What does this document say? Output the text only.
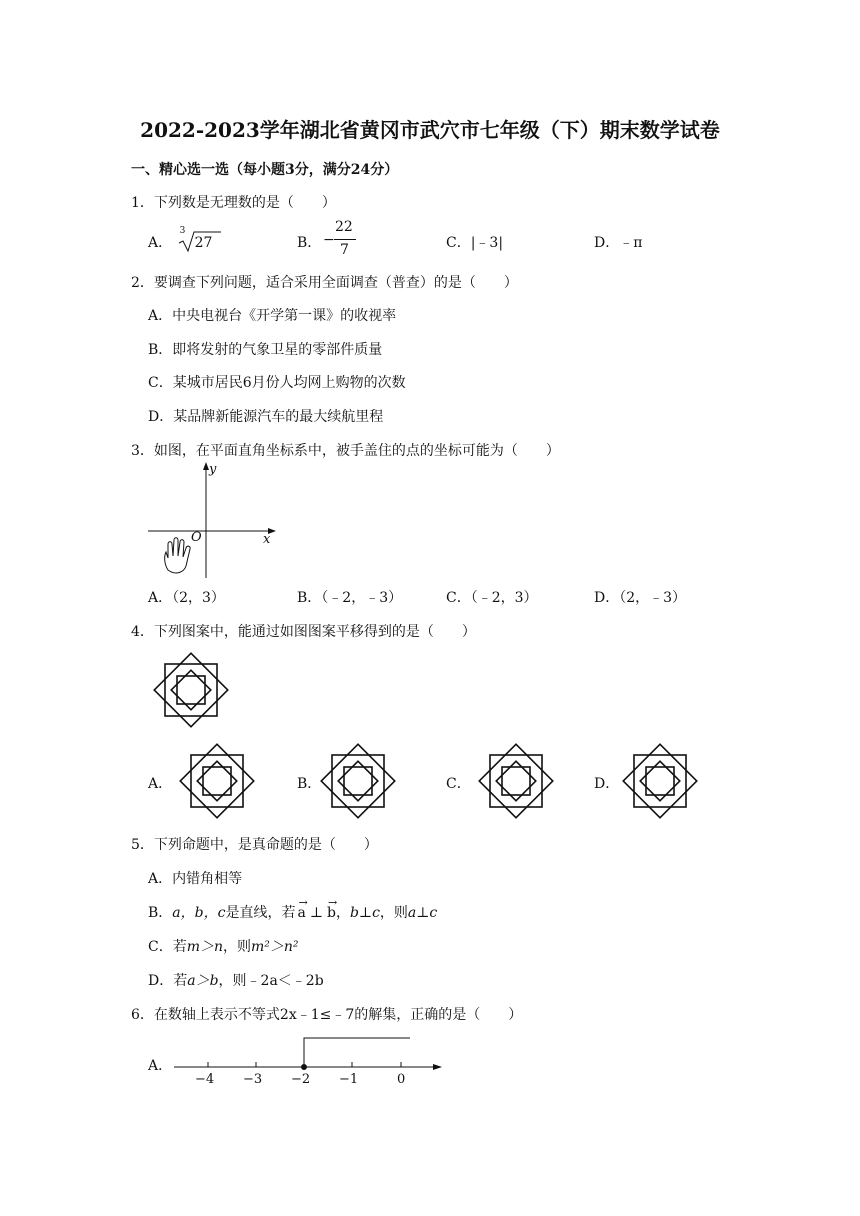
2022-2023学年湖北省黄冈市武穴市七年级（下）期末数学试卷
一、精心选一选（每小题3分，满分24分）
1．下列数是无理数的是（　　）
A．
3
27	B． −
22
7	C．|﹣3|	D．﹣π
2．要调查下列问题，适合采用全面调查（普查）的是（　　）
A．中央电视台《开学第一课》的收视率
B．即将发射的气象卫星的零部件质量
C．某城市居民6月份人均网上购物的次数
D．某品牌新能源汽车的最大续航里程
3．如图，在平面直角坐标系中，被手盖住的点的坐标可能为（　　）
y
x
O
A．（2，3）	B．（﹣2，﹣3）	C．（﹣2，3）	D．（2，﹣3）
4．下列图案中，能通过如图图案平移得到的是（　　）
A．	B．	C．	D．
5．下列命题中，是真命题的是（　　）
A．内错角相等
B．a，b，c是直线，若
→
a ⊥
→
b，b⊥c，则a⊥c
C．若m＞n，则m²＞n²
D．若a＞b，则﹣2a＜﹣2b
6．在数轴上表示不等式2x﹣1≤﹣7的解集，正确的是（　　）
A．
−4 −3 −2 −1	0
